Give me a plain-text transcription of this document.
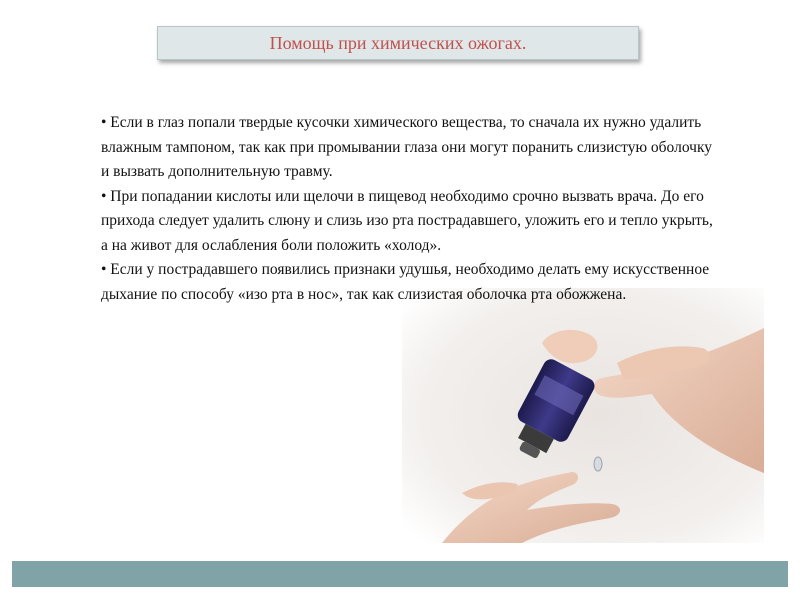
Помощь при химических ожогах.

• Если в глаз попали твердые кусочки химического вещества, то сначала их нужно удалить влажным тампоном, так как при промывании глаза они могут поранить слизистую оболочку и вызвать дополнительную травму.

• При попадании кислоты или щелочи в пищевод необходимо срочно вызвать врача. До его прихода следует удалить слюну и слизь изо рта пострадавшего, уложить его и тепло укрыть, а на живот для ослабления боли положить «холод».

• Если у пострадавшего появились признаки удушья, необходимо делать ему искусственное дыхание по способу «изо рта в нос», так как слизистая оболочка рта обожжена.
